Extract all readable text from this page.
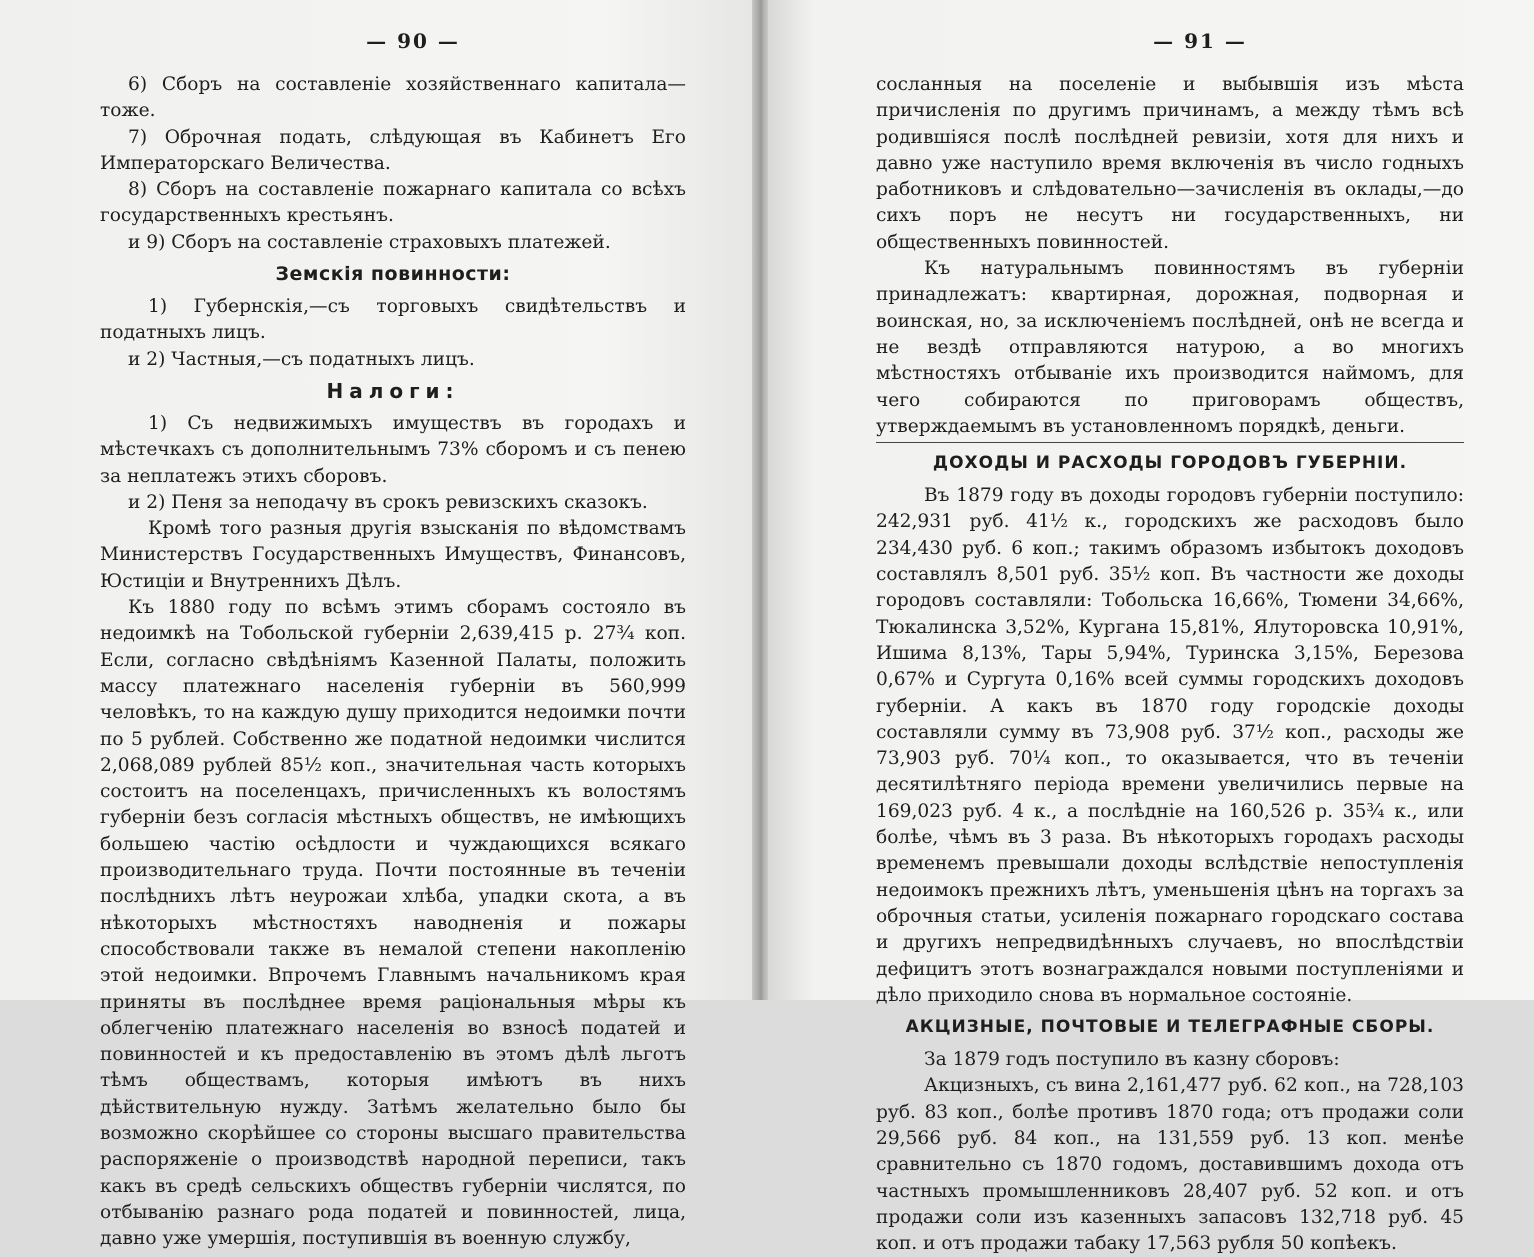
— 90 —

6) Сборъ на составленіе хозяйственнаго капитала—тоже.

7) Оброчная подать, слѣдующая въ Кабинетъ Его Императорскаго Величества.

8) Сборъ на составленіе пожарнаго капитала со всѣхъ государственныхъ крестьянъ.

и 9) Сборъ на составленіе страховыхъ платежей.

Земскія повинности:

1) Губернскія,—съ торговыхъ свидѣтельствъ и податныхъ лицъ.

и 2) Частныя,—съ податныхъ лицъ.

Налоги:

1) Съ недвижимыхъ имуществъ въ городахъ и мѣстечкахъ съ дополнительнымъ 73% сборомъ и съ пенею за неплатежъ этихъ сборовъ.

и 2) Пеня за неподачу въ срокъ ревизскихъ сказокъ.

Кромѣ того разныя другія взысканія по вѣдомствамъ Министерствъ Государственныхъ Имуществъ, Финансовъ, Юстиціи и Внутреннихъ Дѣлъ.

Къ 1880 году по всѣмъ этимъ сборамъ состояло въ недоимкѣ на Тобольской губерніи 2,639,415 р. 27¾ коп. Если, согласно свѣдѣніямъ Казенной Палаты, положить массу платежнаго населенія губерніи въ 560,999 человѣкъ, то на каждую душу приходится недоимки почти по 5 рублей. Собственно же податной недоимки числится 2,068,089 рублей 85½ коп., значительная часть которыхъ состоитъ на поселенцахъ, причисленныхъ къ волостямъ губерніи безъ согласія мѣстныхъ обществъ, не имѣющихъ большею частію осѣдлости и чуждающихся всякаго производительнаго труда. Почти постоянные въ теченіи послѣднихъ лѣтъ неурожаи хлѣба, упадки скота, а въ нѣкоторыхъ мѣстностяхъ наводненія и пожары способствовали также въ немалой степени накопленію этой недоимки. Впрочемъ Главнымъ начальникомъ края приняты въ послѣднее время раціональныя мѣры къ облегченію платежнаго населенія во взносѣ податей и повинностей и къ предоставленію въ этомъ дѣлѣ льготъ тѣмъ обществамъ, которыя имѣютъ въ нихъ дѣйствительную нужду. Затѣмъ желательно было бы возможно скорѣйшее со стороны высшаго правительства распоряженіе о производствѣ народной переписи, такъ какъ въ средѣ сельскихъ обществъ губерніи числятся, по отбыванію разнаго рода податей и повинностей, лица, давно уже умершія, поступившія въ военную службу,

— 91 —

сосланныя на поселеніе и выбывшія изъ мѣста причисленія по другимъ причинамъ, а между тѣмъ всѣ родившіяся послѣ послѣдней ревизіи, хотя для нихъ и давно уже наступило время включенія въ число годныхъ работниковъ и слѣдовательно—зачисленія въ оклады,—до сихъ поръ не несутъ ни государственныхъ, ни общественныхъ повинностей.

Къ натуральнымъ повинностямъ въ губерніи принадлежатъ: квартирная, дорожная, подворная и воинская, но, за исключеніемъ послѣдней, онѣ не всегда и не вездѣ отправляются натурою, а во многихъ мѣстностяхъ отбываніе ихъ производится наймомъ, для чего собираются по приговорамъ обществъ, утверждаемымъ въ установленномъ порядкѣ, деньги.

ДОХОДЫ И РАСХОДЫ ГОРОДОВЪ ГУБЕРНІИ.

Въ 1879 году въ доходы городовъ губерніи поступило: 242,931 руб. 41½ к., городскихъ же расходовъ было 234,430 руб. 6 коп.; такимъ образомъ избытокъ доходовъ составлялъ 8,501 руб. 35½ коп. Въ частности же доходы городовъ составляли: Тобольска 16,66%, Тюмени 34,66%, Тюкалинска 3,52%, Кургана 15,81%, Ялуторовска 10,91%, Ишима 8,13%, Тары 5,94%, Туринска 3,15%, Березова 0,67% и Сургута 0,16% всей суммы городскихъ доходовъ губерніи. А какъ въ 1870 году городскіе доходы составляли сумму въ 73,908 руб. 37½ коп., расходы же 73,903 руб. 70¼ коп., то оказывается, что въ теченіи десятилѣтняго періода времени увеличились первые на 169,023 руб. 4 к., а послѣдніе на 160,526 р. 35¾ к., или болѣе, чѣмъ въ 3 раза. Въ нѣкоторыхъ городахъ расходы временемъ превышали доходы вслѣдствіе непоступленія недоимокъ прежнихъ лѣтъ, уменьшенія цѣнъ на торгахъ за оброчныя статьи, усиленія пожарнаго городскаго состава и другихъ непредвидѣнныхъ случаевъ, но впослѣдствіи дефицитъ этотъ вознаграждался новыми поступленіями и дѣло приходило снова въ нормальное состояніе.

АКЦИЗНЫЕ, ПОЧТОВЫЕ И ТЕЛЕГРАФНЫЕ СБОРЫ.

За 1879 годъ поступило въ казну сборовъ:

Акцизныхъ, съ вина 2,161,477 руб. 62 коп., на 728,103 руб. 83 коп., болѣе противъ 1870 года; отъ продажи соли 29,566 руб. 84 коп., на 131,559 руб. 13 коп. менѣе сравнительно съ 1870 годомъ, доставившимъ дохода отъ частныхъ промышленниковъ 28,407 руб. 52 коп. и отъ продажи соли изъ казенныхъ запасовъ 132,718 руб. 45 коп. и отъ продажи табаку 17,563 рубля 50 копѣекъ.
